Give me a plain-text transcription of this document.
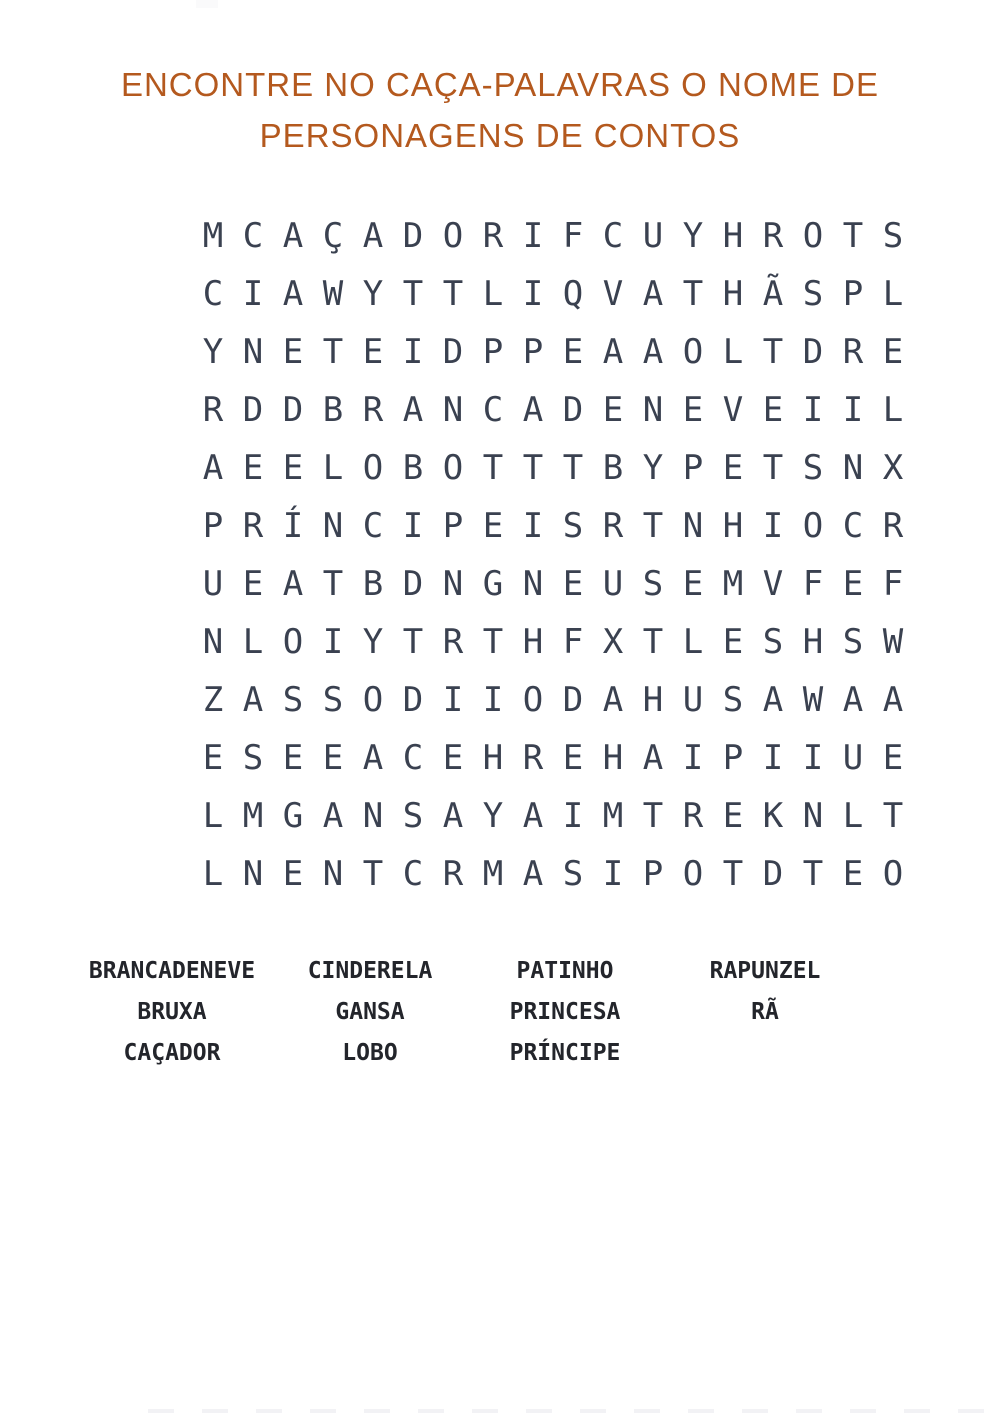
ENCONTRE NO CAÇA-PALAVRAS O NOME DE
PERSONAGENS DE CONTOS
M C A Ç A D O R I F C U Y H R O T S
C I A W Y T T L I Q V A T H Ã S P L
Y N E T E I D P P E A A O L T D R E
R D D B R A N C A D E N E V E I I L
A E E L O B O T T T B Y P E T S N X
P R Í N C I P E I S R T N H I O C R
U E A T B D N G N E U S E M V F E F
N L O I Y T R T H F X T L E S H S W
Z A S S O D I I O D A H U S A W A A
E S E E A C E H R E H A I P I I U E
L M G A N S A Y A I M T R E K N L T
L N E N T C R M A S I P O T D T E O
BRANCADENEVE
BRUXA
CAÇADOR
CINDERELA
GANSA
LOBO
PATINHO
PRINCESA
PRÍNCIPE
RAPUNZEL
RÃ
